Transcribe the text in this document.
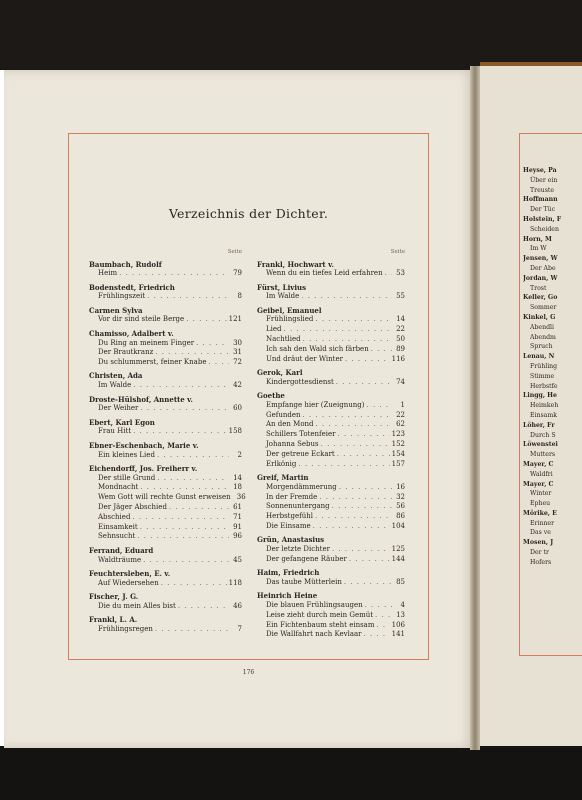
Verzeichnis der Dichter.
Seite
Baumbach, Rudolf
Heim . . .	79
Bodenstedt, Friedrich
Frühlingszeit . . .	8
Carmen Sylva
Vor dir sind steile Berge . . .	121
Chamisso, Adalbert v.
Du Ring an meinem Finger . . .	30
Der Brautkranz . . .	31
Du schlummerst, feiner Knabe . . .	72
Christen, Ada
Im Walde . . .	42
Droste-Hülshof, Annette v.
Der Weiher . . .	60
Ebert, Karl Egon
Frau Hitt . . .	158
Ebner-Eschenbach, Marie v.
Ein kleines Lied . . .	2
Eichendorff, Jos. Freiherr v.
Der stille Grund . . .	14
Mondnacht . . .	18
Wem Gott will rechte Gunst erweisen 36
Der Jäger Abschied . . .	61
Abschied . . .	71
Einsamkeit . . .	91
Sehnsucht . . .	96
Ferrand, Eduard
Waldträume . . .	45
Feuchtersleben, E. v.
Auf Wiedersehen . . .	118
Fischer, J. G.
Die du mein Alles bist . . .	46
Frankl, L. A.
Frühlingsregen . . .	7
Seite
Frankl, Hochwart v.
Wenn du ein tiefes Leid erfahren . . . 53
Fürst, Livius
Im Walde . . .	55
Geibel, Emanuel
Frühlingslied . . .	14
Lied . . .	22
Nachtlied . . .	50
Ich sah den Wald sich färben . . .	89
Und dräut der Winter . . .	116
Gerok, Karl
Kindergottesdienst . . .	74
Goethe
Empfange hier (Zueignung) . . .	1
Gefunden . . .	22
An den Mond . . .	62
Schillers Totenfeier . . .	123
Johanna Sebus . . .	152
Der getreue Eckart . . .	154
Erlkönig . . .	157
Greif, Martin
Morgendämmerung . . .	16
In der Fremde . . .	32
Sonnenuntergang . . .	56
Herbstgefühl . . .	86
Die Einsame . . .	104
Grün, Anastasius
Der letzte Dichter . . .	125
Der gefangene Räuber . . .	144
Haim, Friedrich
Das taube Mütterlein . . .	85
Heinrich Heine
Die blauen Frühlingsaugen . . .	4
Leise zieht durch mein Gemüt . . .	13
Ein Fichtenbaum steht einsam . . . 106
Die Wallfahrt nach Kevlaar . . .	141
176
Heyse, Pa
Über ein
Treuste
Hoffmann
Der Tüc
Holstein, F
Scheiden
Horn, M
Im W
Jensen, W
Der Abe
Jordan, W
Trost
Keller, Go
Sommer
Kinkel, G
Abendli
Abendm
Spruch
Lenau, N
Frühling
Stimme
Herbstfe
Lingg, He
Heimkeh
Einsamk
Löher, Fr
Durch S
Löwenstei
Mutters
Mayer, C
Waldfri
Mayer, C
Winter
Epheu
Mörike, E
Erinner
Das ve
Mosen, J
Der tr
Hofers
